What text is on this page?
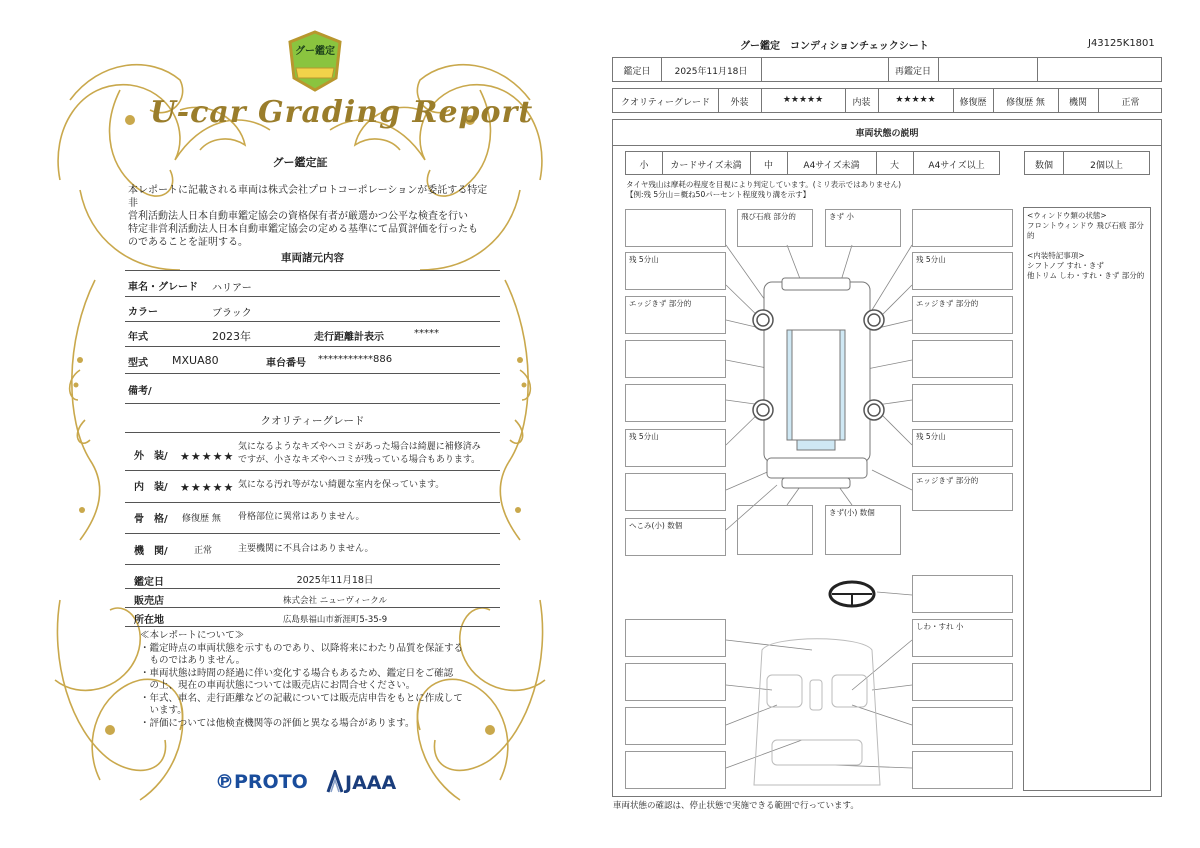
グー鑑定
U-car Grading Report
グー鑑定証
本レポートに記載される車両は株式会社プロトコーポレーションが委託する特定非
営利活動法人日本自動車鑑定協会の資格保有者が厳選かつ公平な検査を行い
特定非営利活動法人日本自動車鑑定協会の定める基準にて品質評価を行ったも
のであることを証明する。
車両諸元内容
車名・グレード ハリアー
カラー	ブラック
年式	2023年	走行距離計表示	*****
型式 MXUA80	車台番号 ***********886
備考/
クオリティーグレード
外　装/ ★★★★★
気になるようなキズやヘコミがあった場合は綺麗に補修済み
ですが、小さなキズやヘコミが残っている場合もあります。
内　装/ ★★★★★ 気になる汚れ等がない綺麗な室内を保っています。
骨　格/ 修復歴 無 骨格部位に異常はありません。
機　関/	正常	主要機関に不具合はありません。
鑑定日	2025年11月18日
販売店	株式会社 ニューヴィークル
所在地	広島県福山市新涯町5-35-9
≪本レポートについて≫
・鑑定時点の車両状態を示すものであり、以降将来にわたり品質を保証する
　ものではありません。
・車両状態は時間の経過に伴い変化する場合もあるため、鑑定日をご確認
　の上、現在の車両状態については販売店にお問合せください。
・年式、車名、走行距離などの記載については販売店申告をもとに作成して
　います。
・評価については他検査機関等の評価と異なる場合があります。
℗PROTO JAAA
グー鑑定　コンディションチェックシート	J43125K1801
鑑定日	2025年11月18日	再鑑定日
クオリティーグレード	外装	★★★★★	内装	★★★★★	修復歴	修復歴 無	機関	正常
車両状態の説明
小	カードサイズ未満	中	A4サイズ未満	大	A4サイズ以上	数個	2個以上
タイヤ残山は摩耗の程度を目視により判定しています。(ミリ表示ではありません)
【例:残 5分山＝概ね50パーセント程度残り溝を示す】
残 5分山
エッジきず 部分的
残 5分山
へこみ(小) 数個
残 5分山
エッジきず 部分的
残 5分山
エッジきず 部分的
しわ・すれ 小
飛び石痕 部分的	きず 小
きず(小) 数個
<ウィンドウ類の状態>
フロントウィンドウ 飛び石痕 部分的
<内装特記事項>
シフトノブ すれ・きず
他トリム しわ・すれ・きず 部分的
車両状態の確認は、停止状態で実施できる範囲で行っています。
